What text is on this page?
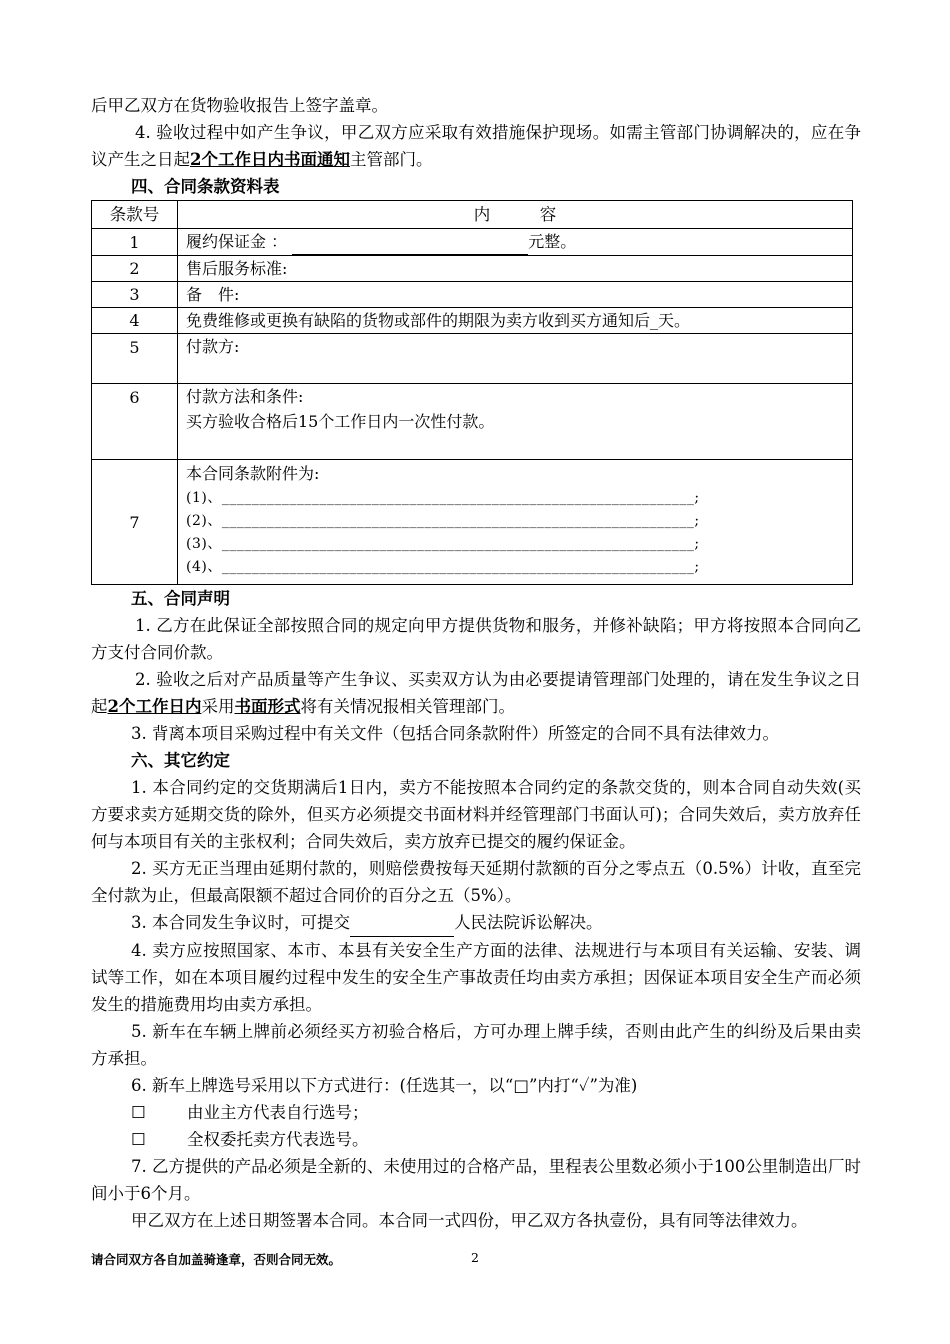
后甲乙双方在货物验收报告上签字盖章。

4. 验收过程中如产生争议，甲乙双方应采取有效措施保护现场。如需主管部门协调解决的，应在争议产生之日起2个工作日内书面通知主管部门。

四、合同条款资料表

条款号	内　　　容
1	履约保证金 ： 元整。
2	售后服务标准:
3	备　件:
4	免费维修或更换有缺陷的货物或部件的期限为卖方收到买方通知后_天。
5	付款方:
6	付款方法和条件:
买方验收合格后15个工作日内一次性付款。

7	本合同条款附件为:
(1)、_______________________________________________________________;
(2)、_______________________________________________________________;
(3)、_______________________________________________________________;
(4)、_______________________________________________________________;

五、合同声明

1. 乙方在此保证全部按照合同的规定向甲方提供货物和服务，并修补缺陷；甲方将按照本合同向乙方支付合同价款。

2. 验收之后对产品质量等产生争议、买卖双方认为由必要提请管理部门处理的，请在发生争议之日起2个工作日内采用书面形式将有关情况报相关管理部门。

3. 背离本项目采购过程中有关文件（包括合同条款附件）所签定的合同不具有法律效力。

六、其它约定

1. 本合同约定的交货期满后1日内，卖方不能按照本合同约定的条款交货的，则本合同自动失效(买方要求卖方延期交货的除外，但买方必须提交书面材料并经管理部门书面认可)；合同失效后，卖方放弃任何与本项目有关的主张权利；合同失效后，卖方放弃已提交的履约保证金。

2. 买方无正当理由延期付款的，则赔偿费按每天延期付款额的百分之零点五（0.5%）计收，直至完全付款为止，但最高限额不超过合同价的百分之五（5%）。

3. 本合同发生争议时，可提交	人民法院诉讼解决。

4. 卖方应按照国家、本市、本县有关安全生产方面的法律、法规进行与本项目有关运输、安装、调试等工作，如在本项目履约过程中发生的安全生产事故责任均由卖方承担；因保证本项目安全生产而必须发生的措施费用均由卖方承担。

5. 新车在车辆上牌前必须经买方初验合格后，方可办理上牌手续，否则由此产生的纠纷及后果由卖方承担。

6. 新车上牌选号采用以下方式进行：(任选其一，以“□”内打“✓”为准)

☐ 由业主方代表自行选号；

☐ 全权委托卖方代表选号。

7. 乙方提供的产品必须是全新的、未使用过的合格产品，里程表公里数必须小于100公里制造出厂时间小于6个月。

甲乙双方在上述日期签署本合同。本合同一式四份，甲乙双方各执壹份，具有同等法律效力。

请合同双方各自加盖骑逢章，否则合同无效。	2
